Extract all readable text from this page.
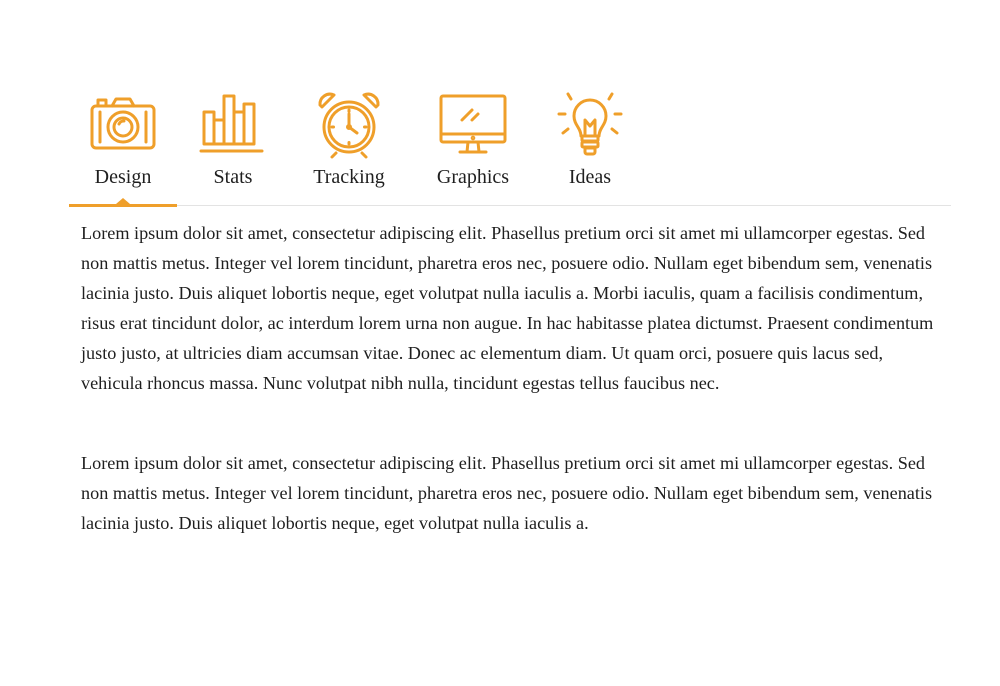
Design	Stats	Tracking	Graphics	Ideas

Lorem ipsum dolor sit amet, consectetur adipiscing elit. Phasellus pretium orci sit amet mi ullamcorper egestas. Sed non mattis metus. Integer vel lorem tincidunt, pharetra eros nec, posuere odio. Nullam eget bibendum sem, venenatis lacinia justo. Duis aliquet lobortis neque, eget volutpat nulla iaculis a. Morbi iaculis, quam a facilisis condimentum, risus erat tincidunt dolor, ac interdum lorem urna non augue. In hac habitasse platea dictumst. Praesent condimentum justo justo, at ultricies diam accumsan vitae. Donec ac elementum diam. Ut quam orci, posuere quis lacus sed, vehicula rhoncus massa. Nunc volutpat nibh nulla, tincidunt egestas tellus faucibus nec.

Lorem ipsum dolor sit amet, consectetur adipiscing elit. Phasellus pretium orci sit amet mi ullamcorper egestas. Sed non mattis metus. Integer vel lorem tincidunt, pharetra eros nec, posuere odio. Nullam eget bibendum sem, venenatis lacinia justo. Duis aliquet lobortis neque, eget volutpat nulla iaculis a.
